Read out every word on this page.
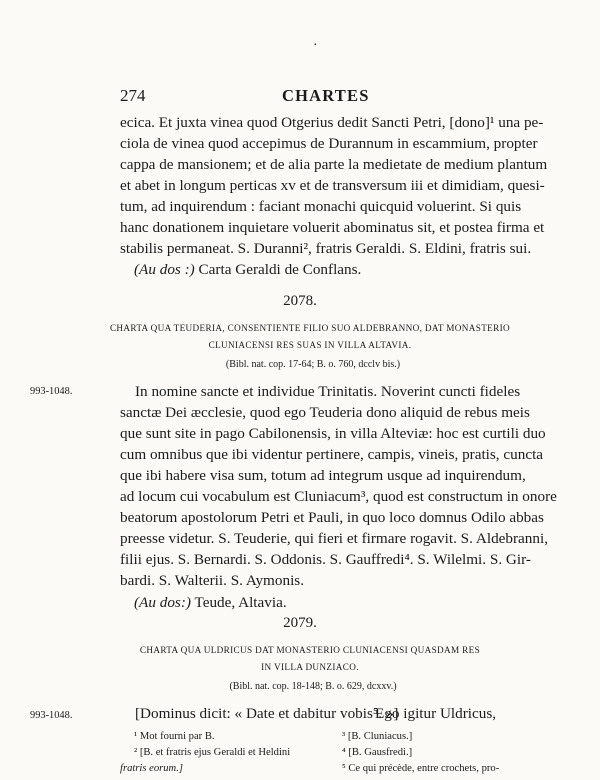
·
274	CHARTES
ecica. Et juxta vinea quod Otgerius dedit Sancti Petri, [dono]¹ una pe-
ciola de vinea quod accepimus de Durannum in escammium, propter
cappa de mansionem; et de alia parte la medietate de medium plantum
et abet in longum perticas xv et de transversum iii et dimidiam, quesi-
tum, ad inquirendum : faciant monachi quicquid voluerint. Si quis
hanc donationem inquietare voluerit abominatus sit, et postea firma et
stabilis permaneat. S. Duranni², fratris Geraldi. S. Eldini, fratris sui.
(Au dos :) Carta Geraldi de Conflans.
2078.
CHARTA QUA TEUDERIA, CONSENTIENTE FILIO SUO ALDEBRANNO, DAT MONASTERIO
CLUNIACENSI RES SUAS IN VILLA ALTAVIA.
(Bibl. nat. cop. 17-64; B. o. 760, dcclv bis.)
993-1048.	In nomine sancte et individue Trinitatis. Noverint cuncti fideles
sanctæ Dei æcclesie, quod ego Teuderia dono aliquid de rebus meis
que sunt site in pago Cabilonensis, in villa Alteviæ: hoc est curtili duo
cum omnibus que ibi videntur pertinere, campis, vineis, pratis, cuncta
que ibi habere visa sum, totum ad integrum usque ad inquirendum,
ad locum cui vocabulum est Cluniacum³, quod est constructum in onore
beatorum apostolorum Petri et Pauli, in quo loco domnus Odilo abbas
preesse videtur. S. Teuderie, qui fieri et firmare rogavit. S. Aldebranni,
filii ejus. S. Bernardi. S. Oddonis. S. Gauffredi⁴. S. Wilelmi. S. Gir-
bardi. S. Walterii. S. Aymonis.
(Au dos:) Teude, Altavia.
2079.
CHARTA QUA ULDRICUS DAT MONASTERIO CLUNIACENSI QUASDAM RES
IN VILLA DUNZIACO.
(Bibl. nat. cop. 18-148; B. o. 629, dcxxv.)
993-1048.	[Dominus dicit: « Date et dabitur vobis⁵. »]
Ego igitur Uldricus,
¹ Mot fourni par B.
² [B. et fratris ejus Geraldi et Heldini
fratris eorum.]
³ [B. Cluniacus.]
⁴ [B. Gausfredi.]
⁵ Ce qui précède, entre crochets, pro-
